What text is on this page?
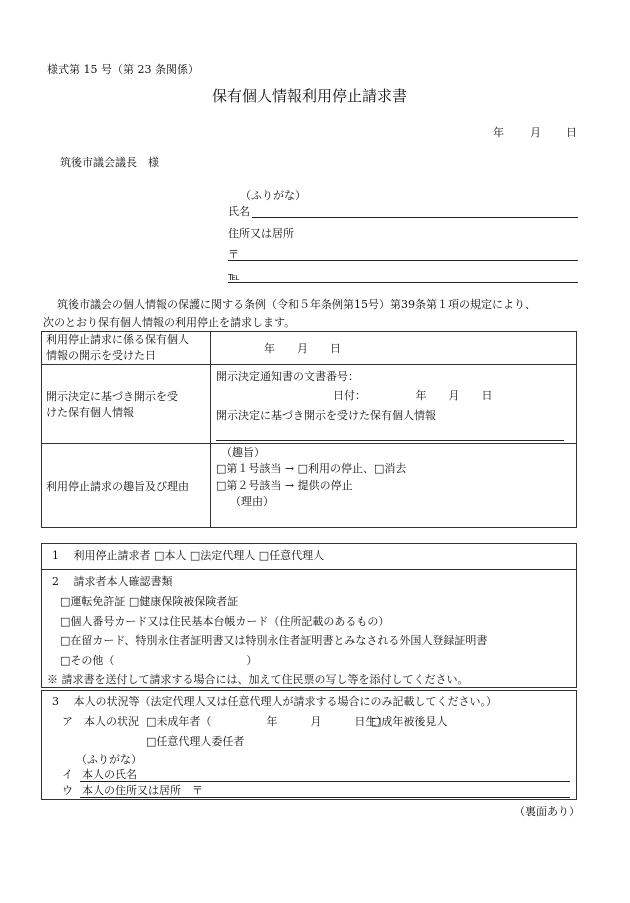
様式第 15 号（第 23 条関係）
保有個人情報利用停止請求書
年 月 日
筑後市議会議長　様
（ふりがな）
氏名
住所又は居所
〒
℡
筑後市議会の個人情報の保護に関する条例（令和５年条例第15号）第39条第１項の規定により、
次のとおり保有個人情報の利用停止を請求します。
利用停止請求に係る保有個人
情報の開示を受けた日
年　　月　　日
開示決定に基づき開示を受
けた保有個人情報
開示決定通知書の文書番号：
日付：　　　　　年　　月　　日
開示決定に基づき開示を受けた保有個人情報
利用停止請求の趣旨及び理由
（趣旨）
□第１号該当 → □利用の停止、□消去
□第２号該当 → 提供の停止
（理由）
1　 利用停止請求者 □本人 □法定代理人 □任意代理人
2　 請求者本人確認書類
□運転免許証 □健康保険被保険者証
□個人番号カード又は住民基本台帳カード（住所記載のあるもの）
□在留カード、特別永住者証明書又は特別永住者証明書とみなされる外国人登録証明書
□その他（　　　　　　　　　　　　）
※ 請求書を送付して請求する場合には、加えて住民票の写し等を添付してください。
3　 本人の状況等（法定代理人又は任意代理人が請求する場合にのみ記載してください。）
ア　本人の状況 □未成年者（　　　　　年　　　月　　　日生）
□成年被後見人
□任意代理人委任者
（ふりがな）
イ 本人の氏名
ウ 本人の住所又は居所　〒
（裏面あり）
